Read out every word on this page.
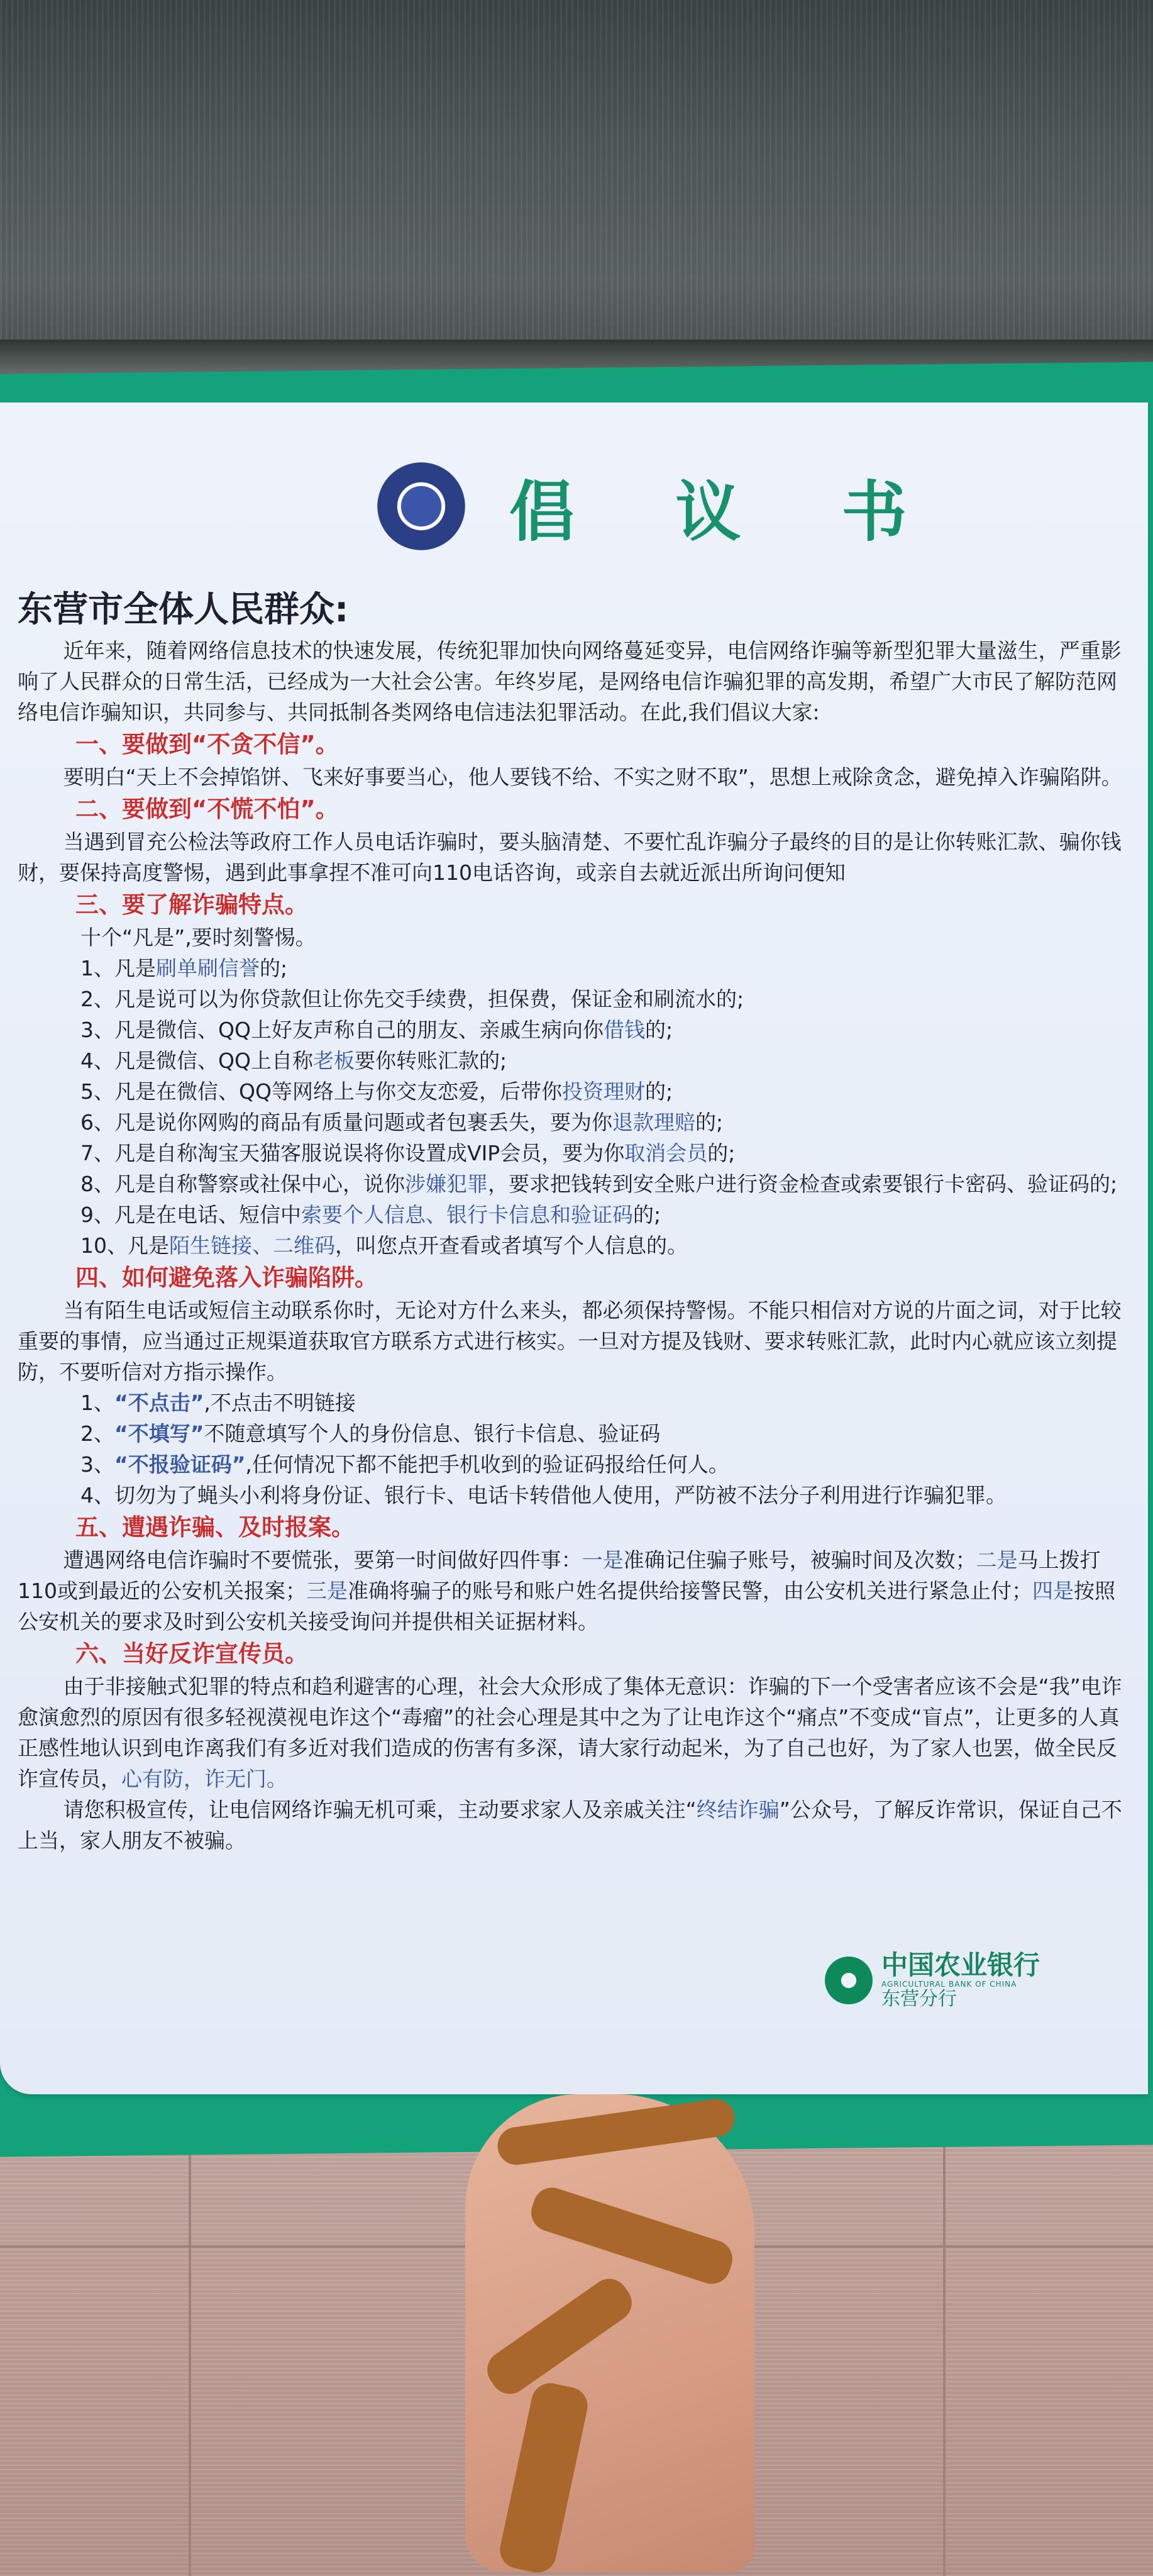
倡 议 书

东营市全体人民群众:

近年来，随着网络信息技术的快速发展，传统犯罪加快向网络蔓延变异，电信网络诈骗等新型犯罪大量滋生，严重影响了人民群众的日常生活，已经成为一大社会公害。年终岁尾，是网络电信诈骗犯罪的高发期，希望广大市民了解防范网络电信诈骗知识，共同参与、共同抵制各类网络电信违法犯罪活动。在此,我们倡议大家:

一、要做到“不贪不信”。

要明白“天上不会掉馅饼、飞来好事要当心，他人要钱不给、不实之财不取”，思想上戒除贪念，避免掉入诈骗陷阱。

二、要做到“不慌不怕”。

当遇到冒充公检法等政府工作人员电话诈骗时，要头脑清楚、不要忙乱诈骗分子最终的目的是让你转账汇款、骗你钱财，要保持高度警惕，遇到此事拿捏不准可向110电话咨询，或亲自去就近派出所询问便知

三、要了解诈骗特点。

十个“凡是”,要时刻警惕。

1、凡是刷单刷信誉的;

2、凡是说可以为你贷款但让你先交手续费，担保费，保证金和刷流水的;

3、凡是微信、QQ上好友声称自己的朋友、亲戚生病向你借钱的;

4、凡是微信、QQ上自称老板要你转账汇款的;

5、凡是在微信、QQ等网络上与你交友恋爱，后带你投资理财的;

6、凡是说你网购的商品有质量问题或者包裹丢失，要为你退款理赔的;

7、凡是自称淘宝天猫客服说误将你设置成VIP会员，要为你取消会员的;

8、凡是自称警察或社保中心，说你涉嫌犯罪，要求把钱转到安全账户进行资金检查或索要银行卡密码、验证码的;

9、凡是在电话、短信中索要个人信息、银行卡信息和验证码的;

10、凡是陌生链接、二维码，叫您点开查看或者填写个人信息的。

四、如何避免落入诈骗陷阱。

当有陌生电话或短信主动联系你时，无论对方什么来头，都必须保持警惕。不能只相信对方说的片面之词，对于比较重要的事情，应当通过正规渠道获取官方联系方式进行核实。一旦对方提及钱财、要求转账汇款，此时内心就应该立刻提防，不要听信对方指示操作。

1、“不点击”,不点击不明链接

2、“不填写”不随意填写个人的身份信息、银行卡信息、验证码

3、“不报验证码”,任何情况下都不能把手机收到的验证码报给任何人。

4、切勿为了蝇头小利将身份证、银行卡、电话卡转借他人使用，严防被不法分子利用进行诈骗犯罪。

五、遭遇诈骗、及时报案。

遭遇网络电信诈骗时不要慌张，要第一时间做好四件事：一是准确记住骗子账号，被骗时间及次数；二是马上拨打110或到最近的公安机关报案；三是准确将骗子的账号和账户姓名提供给接警民警，由公安机关进行紧急止付；四是按照公安机关的要求及时到公安机关接受询问并提供相关证据材料。

六、当好反诈宣传员。

由于非接触式犯罪的特点和趋利避害的心理，社会大众形成了集体无意识：诈骗的下一个受害者应该不会是“我”电诈愈演愈烈的原因有很多轻视漠视电诈这个“毒瘤”的社会心理是其中之为了让电诈这个“痛点”不变成“盲点”，让更多的人真正感性地认识到电诈离我们有多近对我们造成的伤害有多深，请大家行动起米，为了自己也好，为了家人也罢，做全民反诈宣传员，心有防，诈无门。

请您积极宣传，让电信网络诈骗无机可乘，主动要求家人及亲戚关注“终结诈骗”公众号，了解反诈常识，保证自己不上当，家人朋友不被骗。

中国农业银行
AGRICULTURAL BANK OF CHINA
东营分行
